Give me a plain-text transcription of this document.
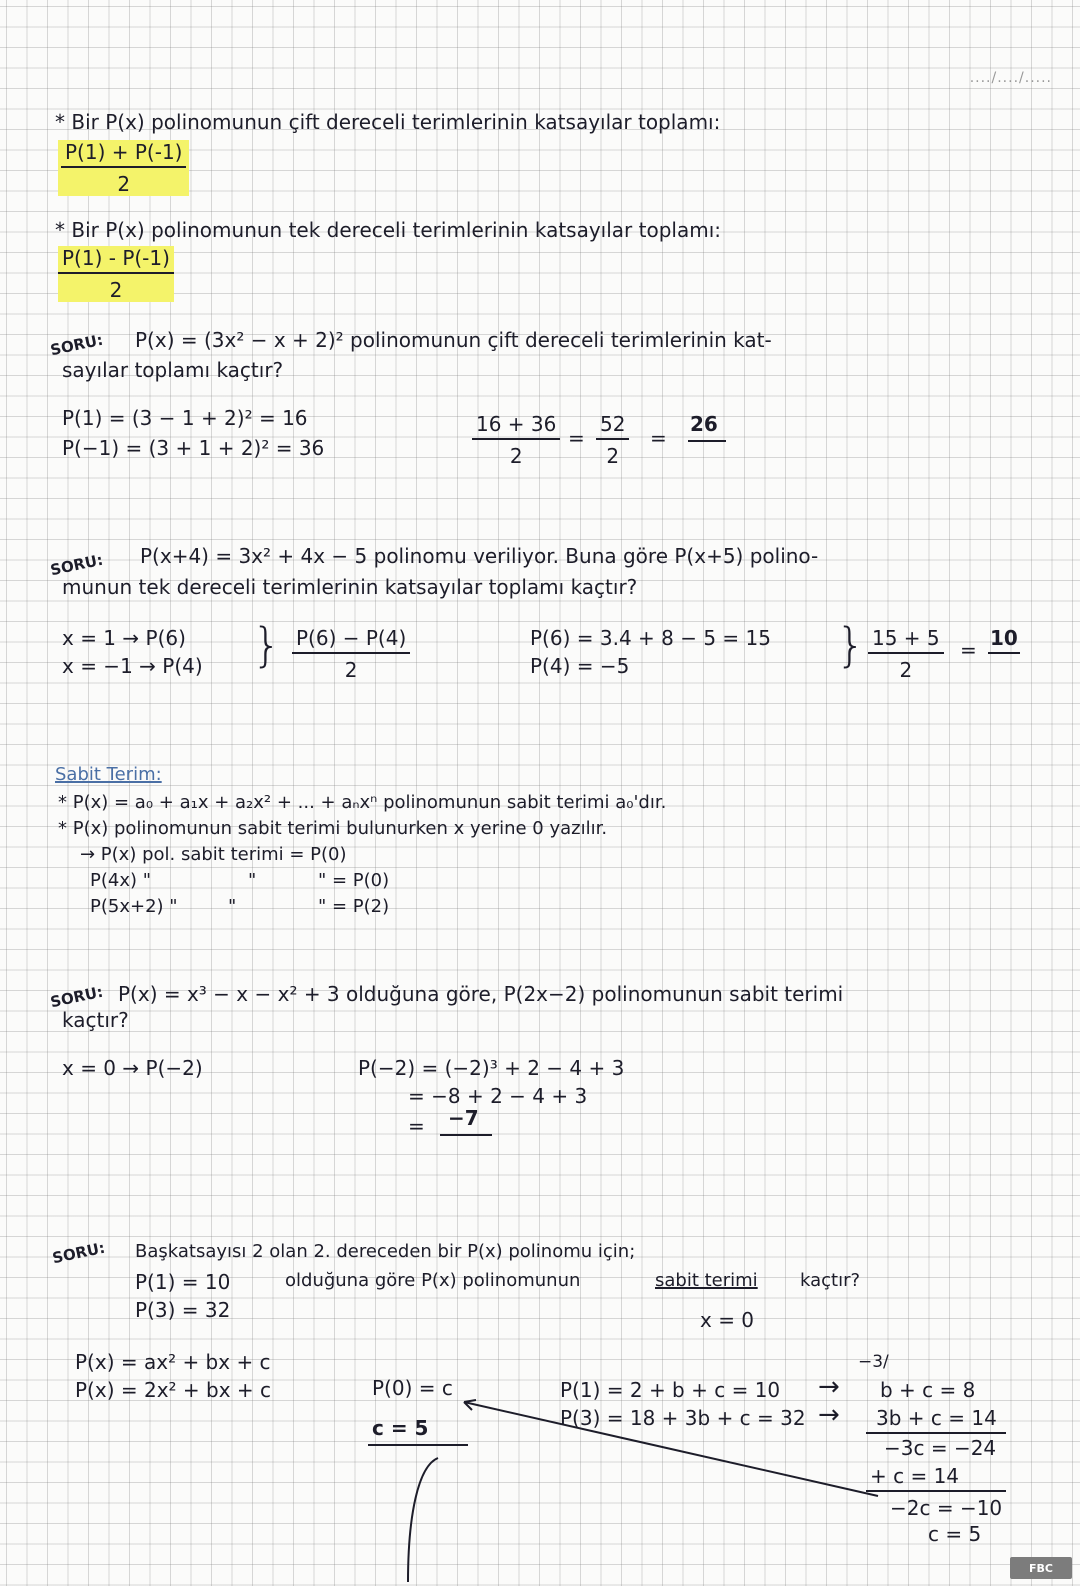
..../..../.....
* Bir P(x) polinomunun çift dereceli terimlerinin katsayılar toplamı:
$\frac{P(1) + P(-1)}{2}$
* Bir P(x) polinomunun tek dereceli terimlerinin katsayılar toplamı:
$\frac{P(1) - P(-1)}{2}$
SORU: P(x) = (3x² − x + 2)² polinomunun çift dereceli terimlerinin kat-
sayılar toplamı kaçtır?
P(1) = (3 − 1 + 2)² = 16
P(−1) = (3 + 1 + 2)² = 36	$\frac{16 + 36}{2} = \frac{52}{2}$ =
26
SORU: P(x+4) = 3x² + 4x − 5 polinomu veriliyor. Buna göre P(x+5) polino-
munun tek dereceli terimlerinin katsayılar toplamı kaçtır?
x = 1 → P(6)
x = −1 → P(4) } $\frac{P(6) - P(4)}{2}$	P(6) = 3.4 + 8 − 5 = 15
P(4) = −5	} $\frac{15 + 5}{2} = 10$
Sabit Terim:
* P(x) = a₀ + a₁x + a₂x² + ... + aₙxⁿ polinomunun sabit terimi a₀'dır.
* P(x) polinomunun sabit terimi bulunurken x yerine 0 yazılır.
→ P(x) pol. sabit terimi = P(0)
P(4x) "	"	" = P(0)
P(5x+2) "	"	" = P(2)
SORU: P(x) = x³ − x − x² + 3 olduğuna göre, P(2x−2) polinomunun sabit terimi
kaçtır?
x = 0 → P(−2)	P(−2) = (−2)³ + 2 − 4 + 3
= −8 + 2 − 4 + 3
= −7
SORU: Başkatsayısı 2 olan 2. dereceden bir P(x) polinomu için;
P(1) = 10	olduğuna göre P(x) polinomunun	sabit terimi kaçtır?
P(3) = 32	x = 0
P(x) = ax² + bx + c
P(x) = 2x² + bx + c	P(0) = c
c = 5
P(1) = 2 + b + c = 10
P(3) = 18 + 3b + c = 32
→
→
−3/
b + c = 8
3b + c = 14
−3c = −24
+ c = 14
−2c = −10
c = 5
FBC
